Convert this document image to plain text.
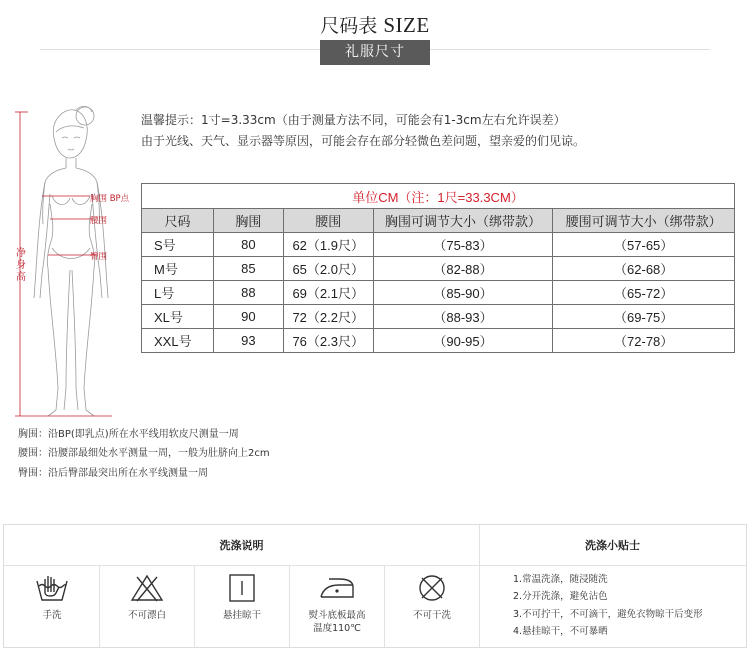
尺码表 SIZE
礼服尺寸
温馨提示：1寸=3.33cm（由于测量方法不同，可能会有1-3cm左右允许误差）
由于光线、天气、显示器等原因，可能会存在部分轻微色差问题，望亲爱的们见谅。
净身高
胸围 BP点
腰围
臀围
单位CM（注：1尺=33.3CM）				
尺码	胸围	腰围	胸围可调节大小（绑带款）	腰围可调节大小（绑带款）
S号	80	62（1.9尺）	（75-83）	（57-65）
M号	85	65（2.0尺）	（82-88）	（62-68）
L号	88	69（2.1尺）	（85-90）	（65-72）
XL号	90	72（2.2尺）	（88-93）	（69-75）
XXL号	93	76（2.3尺）	（90-95）	（72-78）
胸围：沿BP(即乳点)所在水平线用软皮尺测量一周
腰围：沿腰部最细处水平测量一周，一般为肚脐向上2cm
臀围：沿后臀部最突出所在水平线测量一周
洗涤说明	洗涤小贴士
手洗	不可漂白	悬挂晾干	熨斗底板最高
温度110℃
不可干洗
1.常温洗涤，随浸随洗
2.分开洗涤，避免沾色
3.不可拧干，不可滴干，避免衣物晾干后变形
4.悬挂晾干，不可暴晒
